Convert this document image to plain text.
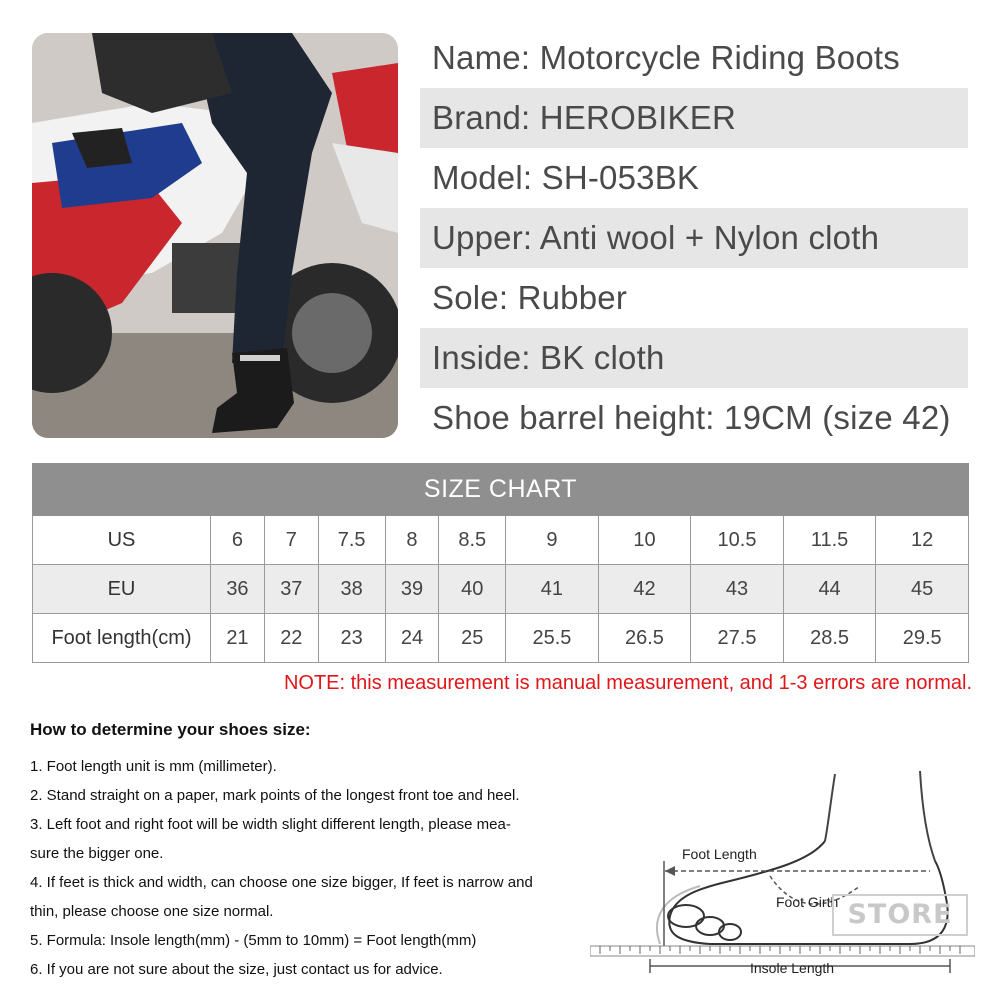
Name: Motorcycle Riding Boots
Brand: HEROBIKER
Model: SH-053BK
Upper: Anti wool + Nylon cloth
Sole: Rubber
Inside: BK cloth
Shoe barrel height: 19CM (size 42)
SIZE CHART										
US	6	7	7.5	8	8.5	9	10	10.5	11.5	12
EU	36	37	38	39	40	41	42	43	44	45
Foot length(cm)	21	22	23	24	25	25.5	26.5	27.5	28.5	29.5
NOTE: this measurement is manual measurement, and 1-3 errors are normal.
How to determine your shoes size:
1. Foot length unit is mm (millimeter).
2. Stand straight on a paper, mark points of the longest front toe and heel.
3. Left foot and right foot will be width slight different length, please mea-
sure the bigger one.
4. If feet is thick and width, can choose one size bigger, If feet is narrow and
thin, please choose one size normal.
5. Formula: Insole length(mm) - (5mm to 10mm) = Foot length(mm)
6. If you are not sure about the size, just contact us for advice.
Foot Length
Foot Girth
Insole Length
STORE
